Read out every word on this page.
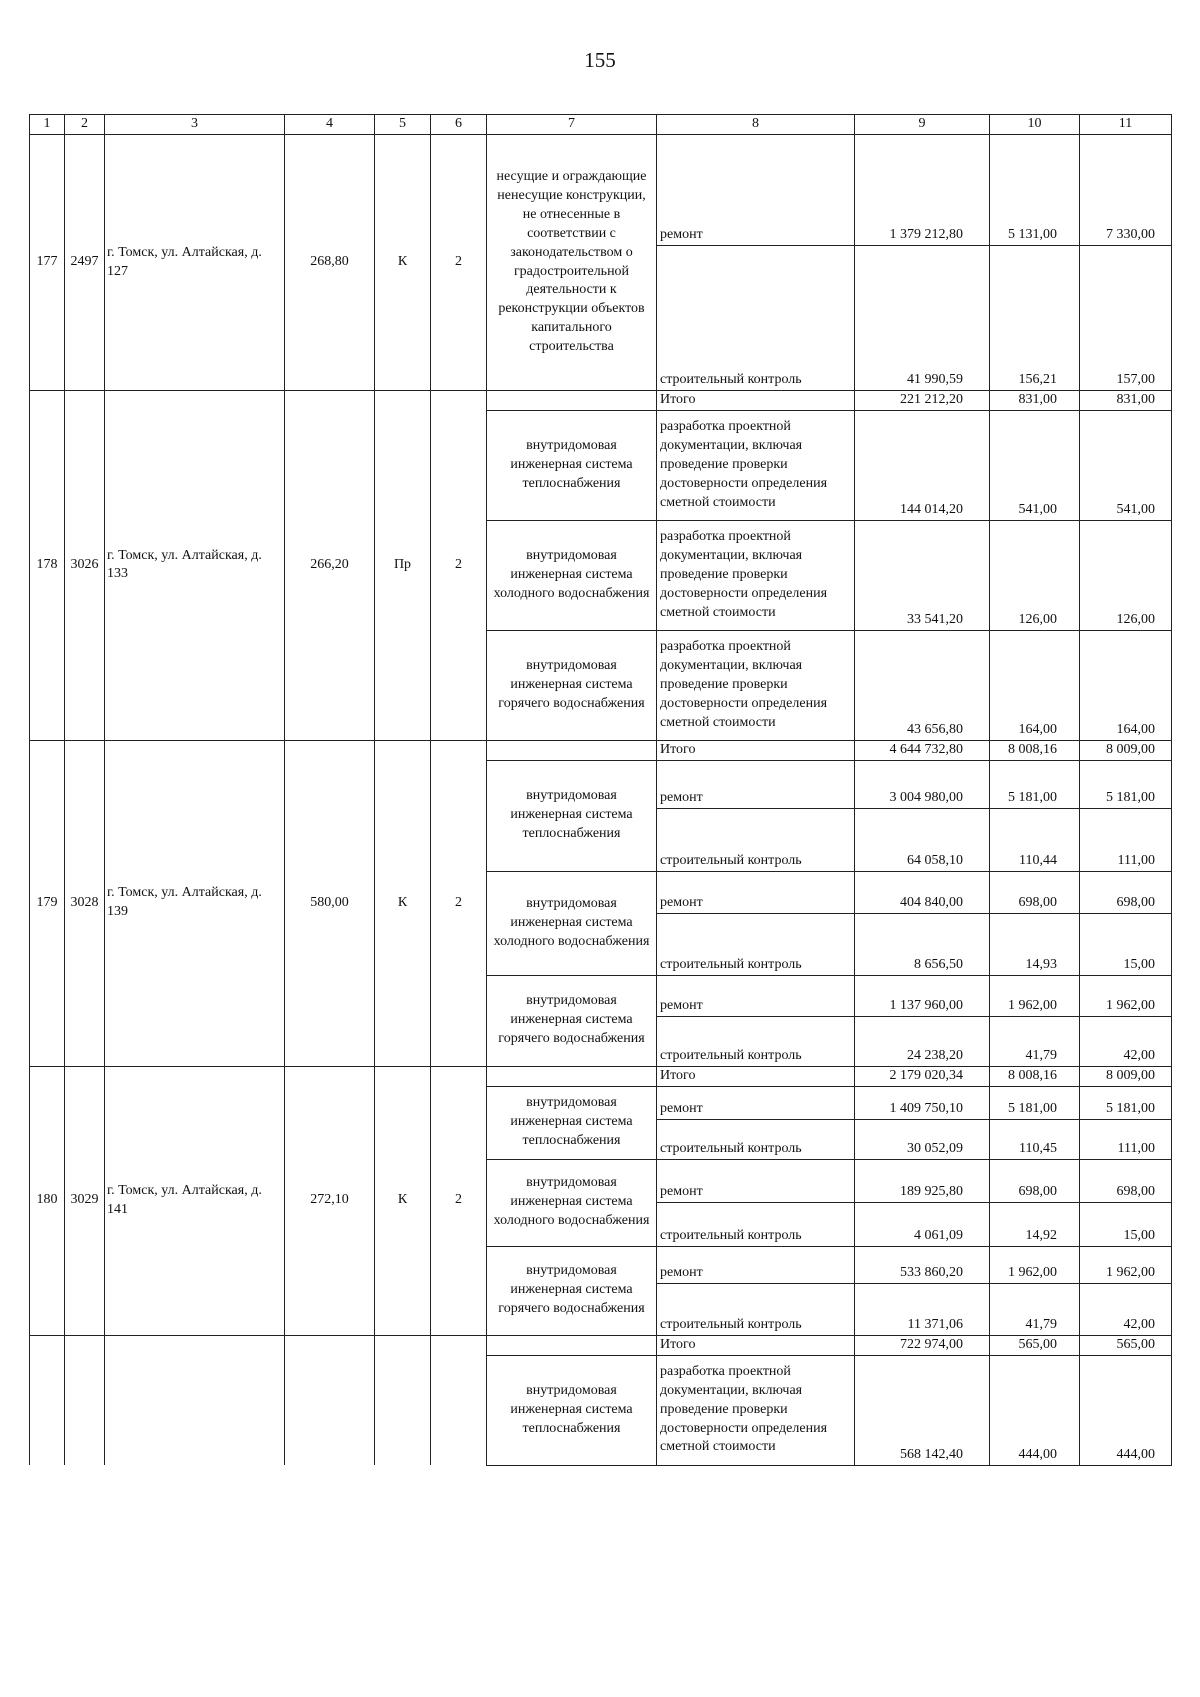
155
1	2	3	4	5	6	7	8	9	10	11
177	2497	г. Томск, ул. Алтайская, д. 127	268,80	К	2	несущие и ограждающие ненесущие конструкции, не отнесенные в соответствии с законодательством о градостроительной деятельности к реконструкции объектов капитального строительства	ремонт	1 379 212,80	5 131,00	7 330,00
							строительный контроль	41 990,59	156,21	157,00
178	3026	г. Томск, ул. Алтайская, д. 133	266,20	Пр	2		Итого	221 212,20	831,00	831,00
						внутридомовая инженерная система теплоснабжения	разработка проектной документации, включая проведение проверки достоверности определения сметной стоимости	144 014,20	541,00	541,00
						внутридомовая инженерная система холодного водоснабжения	разработка проектной документации, включая проведение проверки достоверности определения сметной стоимости	33 541,20	126,00	126,00
						внутридомовая инженерная система горячего водоснабжения	разработка проектной документации, включая проведение проверки достоверности определения сметной стоимости	43 656,80	164,00	164,00
179	3028	г. Томск, ул. Алтайская, д. 139	580,00	К	2		Итого	4 644 732,80	8 008,16	8 009,00
						внутридомовая инженерная система теплоснабжения	ремонт	3 004 980,00	5 181,00	5 181,00
							строительный контроль	64 058,10	110,44	111,00
						внутридомовая инженерная система холодного водоснабжения	ремонт	404 840,00	698,00	698,00
							строительный контроль	8 656,50	14,93	15,00
						внутридомовая инженерная система горячего водоснабжения	ремонт	1 137 960,00	1 962,00	1 962,00
							строительный контроль	24 238,20	41,79	42,00
180	3029	г. Томск, ул. Алтайская, д. 141	272,10	К	2		Итого	2 179 020,34	8 008,16	8 009,00
						внутридомовая инженерная система теплоснабжения	ремонт	1 409 750,10	5 181,00	5 181,00
							строительный контроль	30 052,09	110,45	111,00
						внутридомовая инженерная система холодного водоснабжения	ремонт	189 925,80	698,00	698,00
							строительный контроль	4 061,09	14,92	15,00
						внутридомовая инженерная система горячего водоснабжения	ремонт	533 860,20	1 962,00	1 962,00
							строительный контроль	11 371,06	41,79	42,00
							Итого	722 974,00	565,00	565,00
						внутридомовая инженерная система теплоснабжения	разработка проектной документации, включая проведение проверки достоверности определения сметной стоимости	568 142,40	444,00	444,00
